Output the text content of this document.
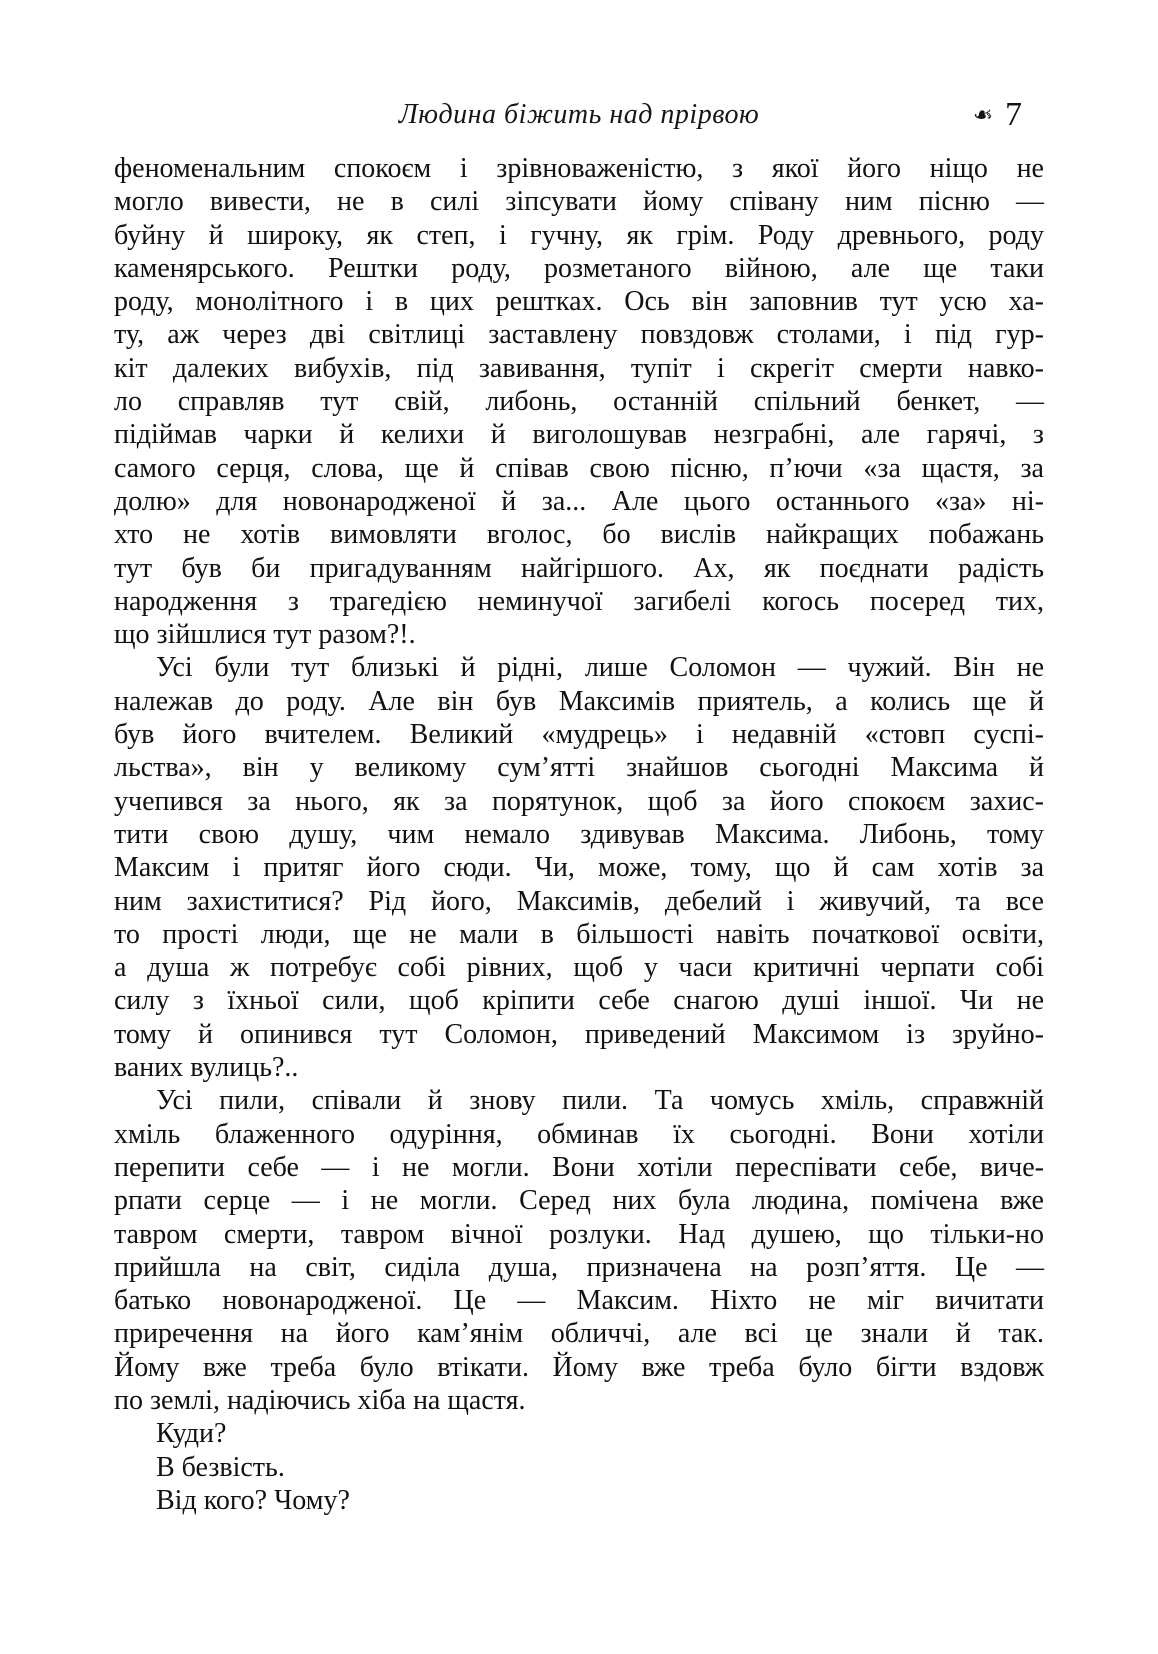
Людина біжить над прірвою	❧ 7
феноменальним спокоєм і зрівноваженістю, з якої його ніщо не
могло вивести, не в силі зіпсувати йому співану ним пісню —
буйну й широку, як степ, і гучну, як грім. Роду древнього, роду
каменярського. Рештки роду, розметаного війною, але ще таки
роду, монолітного і в цих рештках. Ось він заповнив тут усю ха-
ту, аж через дві світлиці заставлену повздовж столами, і під гур-
кіт далеких вибухів, під завивання, тупіт і скрегіт смерти навко-
ло справляв тут свій, либонь, останній спільний бенкет, —
підіймав чарки й келихи й виголошував незграбні, але гарячі, з
самого серця, слова, ще й співав свою пісню, п’ючи «за щастя, за
долю» для новонародженої й за... Але цього останнього «за» ні-
хто не хотів вимовляти вголос, бо вислів найкращих побажань
тут був би пригадуванням найгіршого. Ах, як поєднати радість
народження з трагедією неминучої загибелі когось посеред тих,
що зійшлися тут разом?!.
Усі були тут близькі й рідні, лише Соломон — чужий. Він не
належав до роду. Але він був Максимів приятель, а колись ще й
був його вчителем. Великий «мудрець» і недавній «стовп суспі-
льства», він у великому сум’ятті знайшов сьогодні Максима й
учепився за нього, як за порятунок, щоб за його спокоєм захис-
тити свою душу, чим немало здивував Максима. Либонь, тому
Максим і притяг його сюди. Чи, може, тому, що й сам хотів за
ним захиститися? Рід його, Максимів, дебелий і живучий, та все
то прості люди, ще не мали в більшості навіть початкової освіти,
а душа ж потребує собі рівних, щоб у часи критичні черпати собі
силу з їхньої сили, щоб кріпити себе снагою душі іншої. Чи не
тому й опинився тут Соломон, приведений Максимом із зруйно-
ваних вулиць?..
Усі пили, співали й знову пили. Та чомусь хміль, справжній
хміль блаженного одуріння, обминав їх сьогодні. Вони хотіли
перепити себе — і не могли. Вони хотіли переспівати себе, виче-
рпати серце — і не могли. Серед них була людина, помічена вже
тавром смерти, тавром вічної розлуки. Над душею, що тільки-но
прийшла на світ, сиділа душа, призначена на розп’яття. Це —
батько новонародженої. Це — Максим. Ніхто не міг вичитати
приречення на його кам’янім обличчі, але всі це знали й так.
Йому вже треба було втікати. Йому вже треба було бігти вздовж
по землі, надіючись хіба на щастя.
Куди?
В безвість.
Від кого? Чому?
